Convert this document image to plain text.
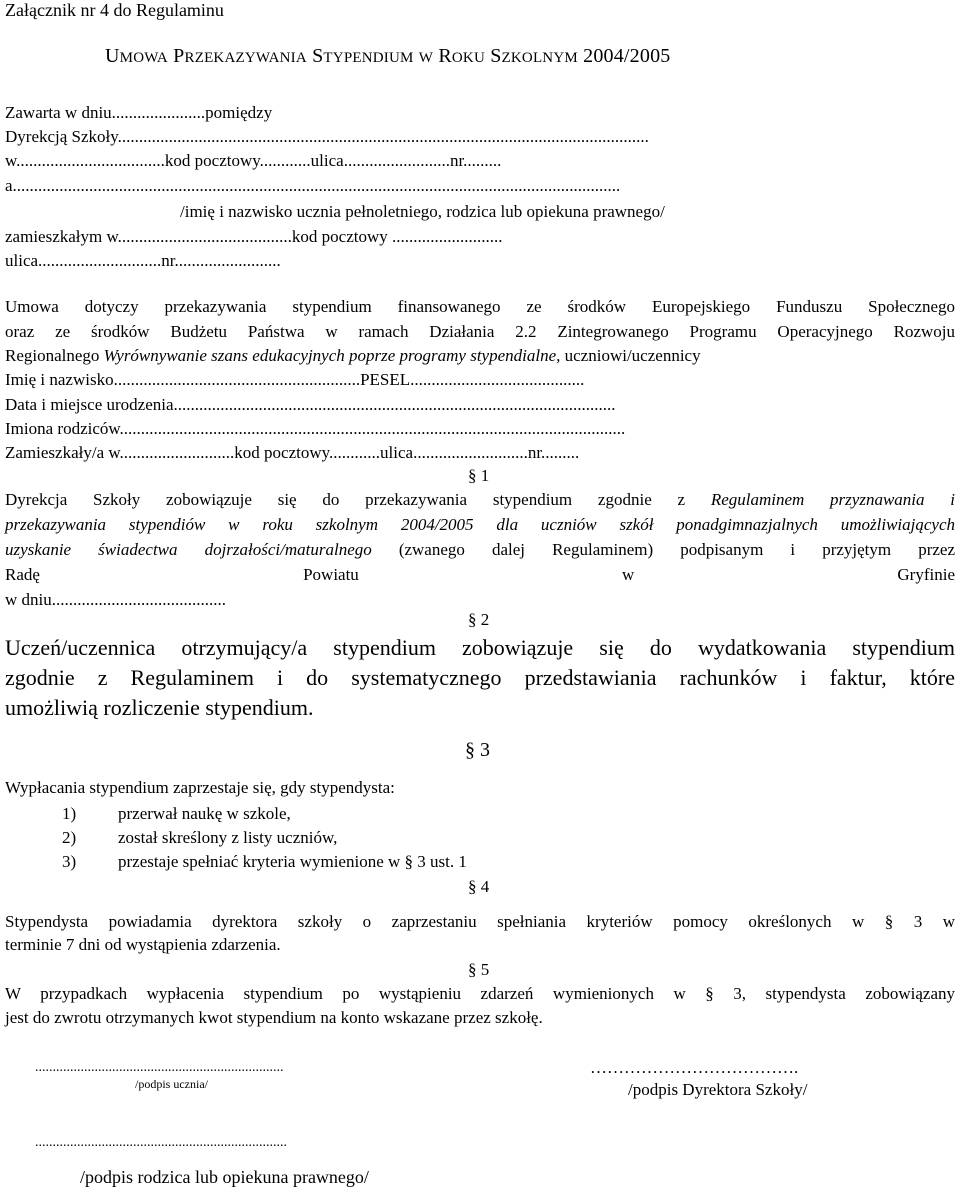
Załącznik nr 4 do Regulaminu
UMOWA PRZEKAZYWANIA STYPENDIUM W ROKU SZKOLNYM 2004/2005
Zawarta w dniu......................pomiędzy
Dyrekcją Szkoły.............................................................................................................................
w...................................kod pocztowy............ulica.........................nr.........
a...............................................................................................................................................
/imię i nazwisko ucznia pełnoletniego, rodzica lub opiekuna prawnego/
zamieszkałym w.........................................kod pocztowy ..........................
ulica.............................nr.........................
Umowa dotyczy przekazywania stypendium finansowanego ze środków Europejskiego Funduszu Społecznego
oraz ze środków Budżetu Państwa w ramach Działania 2.2 Zintegrowanego Programu Operacyjnego Rozwoju
Regionalnego Wyrównywanie szans edukacyjnych poprze programy stypendialne, uczniowi/uczennicy
Imię i nazwisko..........................................................PESEL.........................................
Data i miejsce urodzenia........................................................................................................
Imiona rodziców.......................................................................................................................
Zamieszkały/a w...........................kod pocztowy............ulica...........................nr.........
§ 1
Dyrekcja Szkoły zobowiązuje się do przekazywania stypendium zgodnie z Regulaminem przyznawania i
przekazywania stypendiów w roku szkolnym 2004/2005 dla uczniów szkół ponadgimnazjalnych umożliwiających
uzyskanie świadectwa dojrzałości/maturalnego (zwanego dalej Regulaminem) podpisanym i przyjętym przez
Radę Powiatu w Gryfinie
w dniu.........................................
§ 2
Uczeń/uczennica otrzymujący/a stypendium zobowiązuje się do wydatkowania stypendium
zgodnie z Regulaminem i do systematycznego przedstawiania rachunków i faktur, które
umożliwią rozliczenie stypendium.
§ 3
Wypłacania stypendium zaprzestaje się, gdy stypendysta:
1) przerwał naukę w szkole,
2) został skreślony z listy uczniów,
3) przestaje spełniać kryteria wymienione w § 3 ust. 1
§ 4
Stypendysta powiadamia dyrektora szkoły o zaprzestaniu spełniania kryteriów pomocy określonych w § 3 w
terminie 7 dni od wystąpienia zdarzenia.
§ 5
W przypadkach wypłacenia stypendium po wystąpieniu zdarzeń wymienionych w § 3, stypendysta zobowiązany
jest do zwrotu otrzymanych kwot stypendium na konto wskazane przez szkołę.
.......................................................................
/podpis ucznia/
……………………………….
/podpis Dyrektora Szkoły/
........................................................................
/podpis rodzica lub opiekuna prawnego/
